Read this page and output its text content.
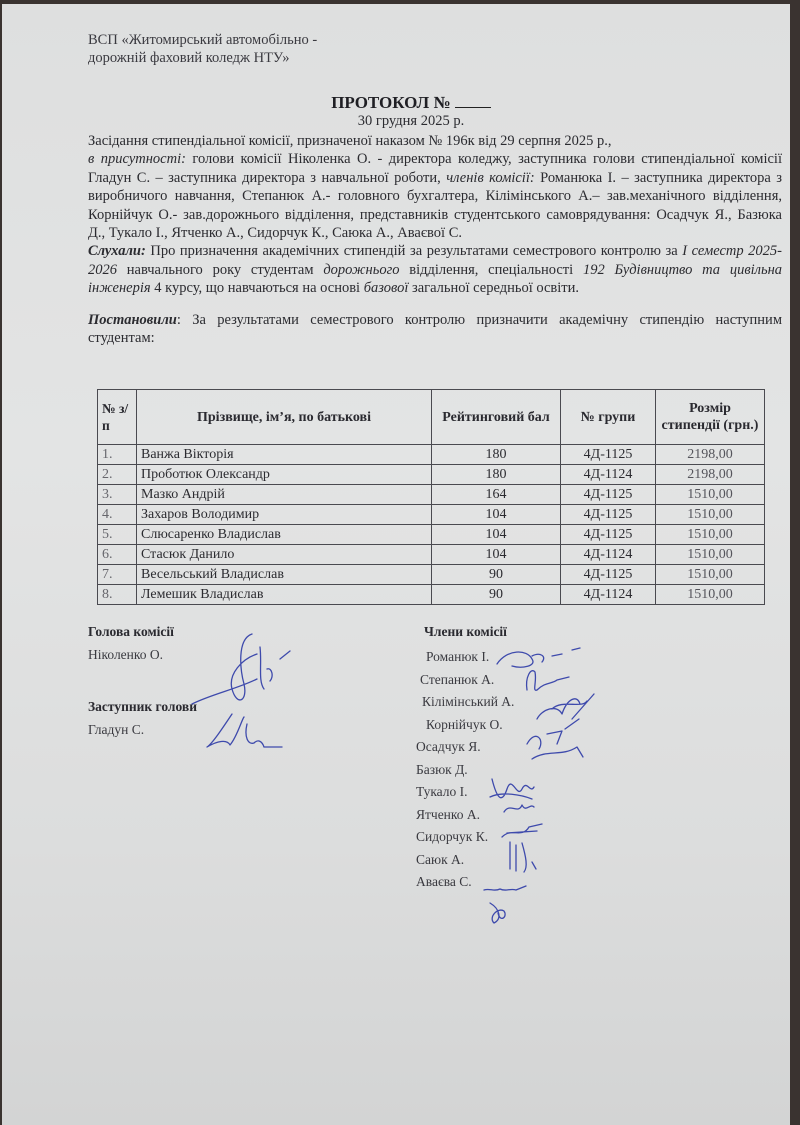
ВСП «Житомирський автомобільно -
дорожній фаховий коледж НТУ»
ПРОТОКОЛ №
30 грудня 2025 р.

Засідання стипендіальної комісії, призначеної наказом № 196к від 29 серпня 2025 р.,
в присутності: голови комісії Ніколенка О. - директора коледжу, заступника голови стипендіальної комісії Гладун С. – заступника директора з навчальної роботи, членів комісії: Романюка І. – заступника директора з виробничого навчання, Степанюк А.- головного бухгалтера, Кілімінського А.– зав.механічного відділення, Корнійчук О.- зав.дорожнього відділення, представників студентського самоврядування: Осадчук Я., Базюка Д., Тукало І., Ятченко А., Сидорчук К., Саюка А., Аваєвої С.

Слухали: Про призначення академічних стипендій за результатами семестрового контролю за І семестр 2025-2026 навчального року студентам дорожнього відділення, спеціальності 192 Будівництво та цивільна інженерія 4 курсу, що навчаються на основі базової загальної середньої освіти.

Постановили: За результатами семестрового контролю призначити академічну стипендію наступним студентам:

№ з/п	Прізвище, ім’я, по батькові	Рейтинговий бал	№ групи	Розмір стипендії (грн.)
1.	Ванжа Вікторія	180	4Д-1125	2198,00
2.	Проботюк Олександр	180	4Д-1124	2198,00
3.	Мазко Андрій	164	4Д-1125	1510,00
4.	Захаров Володимир	104	4Д-1125	1510,00
5.	Слюсаренко Владислав	104	4Д-1125	1510,00
6.	Стасюк Данило	104	4Д-1124	1510,00
7.	Весельський Владислав	90	4Д-1125	1510,00
8.	Лемешик Владислав	90	4Д-1124	1510,00
Голова комісії
Ніколенко О.
Заступник голови
Гладун С.
Члени комісії
Романюк І.
Степанюк А.
Кілімінський А.
Корнійчук О.
Осадчук Я.
Базюк Д.
Тукало І.
Ятченко А.
Сидорчук К.
Саюк А.
Аваєва С.
